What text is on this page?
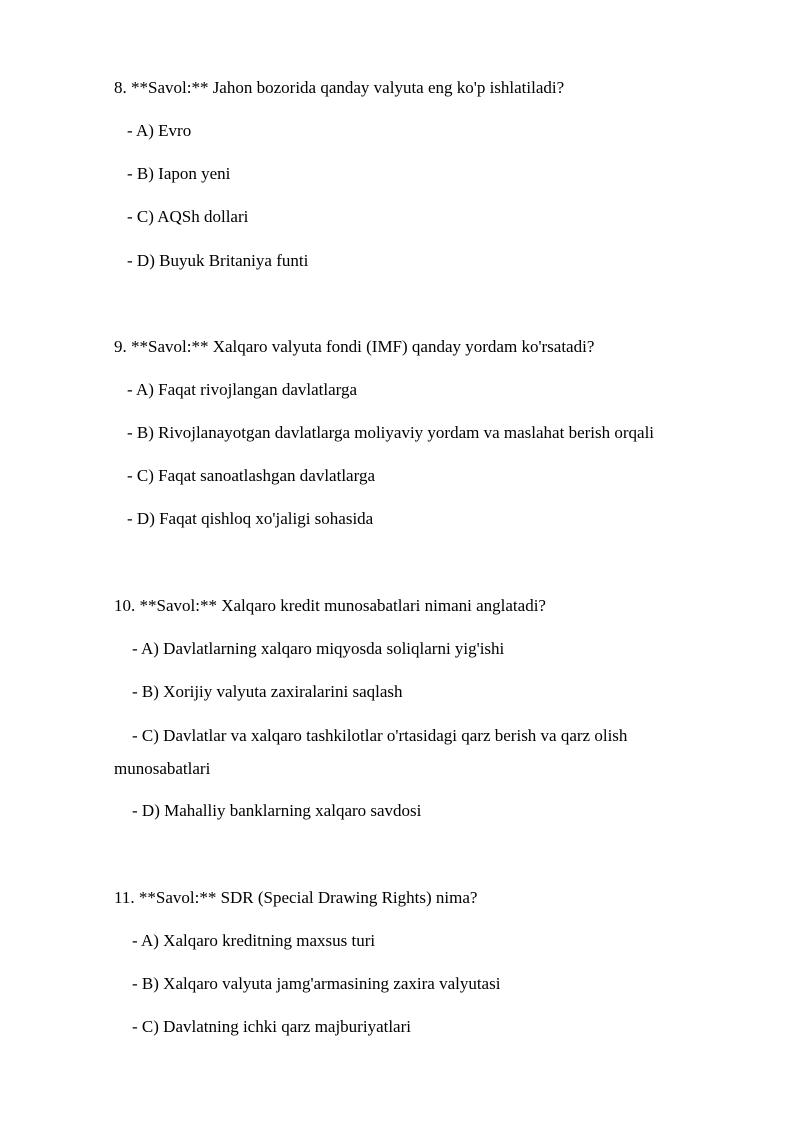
8. **Savol:** Jahon bozorida qanday valyuta eng ko'p ishlatiladi?

- A) Evro

- B) Iapon yeni

- C) AQSh dollari

- D) Buyuk Britaniya funti

9. **Savol:** Xalqaro valyuta fondi (IMF) qanday yordam ko'rsatadi?

- A) Faqat rivojlangan davlatlarga

- B) Rivojlanayotgan davlatlarga moliyaviy yordam va maslahat berish orqali

- C) Faqat sanoatlashgan davlatlarga

- D) Faqat qishloq xo'jaligi sohasida

10. **Savol:** Xalqaro kredit munosabatlari nimani anglatadi?

- A) Davlatlarning xalqaro miqyosda soliqlarni yig'ishi

- B) Xorijiy valyuta zaxiralarini saqlash

- C) Davlatlar va xalqaro tashkilotlar o'rtasidagi qarz berish va qarz olish

munosabatlari

- D) Mahalliy banklarning xalqaro savdosi

11. **Savol:** SDR (Special Drawing Rights) nima?

- A) Xalqaro kreditning maxsus turi

- B) Xalqaro valyuta jamg'armasining zaxira valyutasi

- C) Davlatning ichki qarz majburiyatlari
